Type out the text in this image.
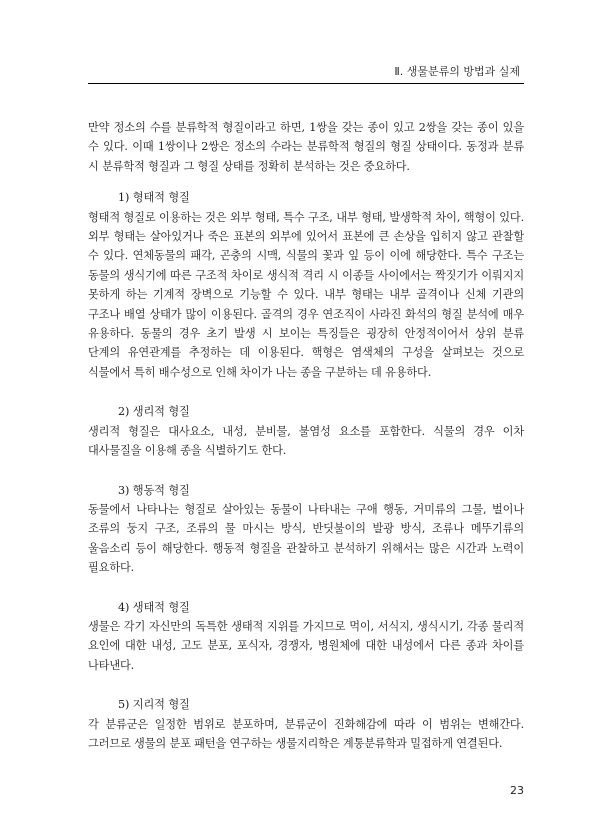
Ⅱ. 생물분류의 방법과 실제

만약 정소의 수를 분류학적 형질이라고 하면, 1쌍을 갖는 종이 있고 2쌍을 갖는 종이 있을 수 있다. 이때 1쌍이나 2쌍은 정소의 수라는 분류학적 형질의 형질 상태이다. 동정과 분류 시 분류학적 형질과 그 형질 상태를 정확히 분석하는 것은 중요하다.

1) 형태적 형질

형태적 형질로 이용하는 것은 외부 형태, 특수 구조, 내부 형태, 발생학적 차이, 핵형이 있다. 외부 형태는 살아있거나 죽은 표본의 외부에 있어서 표본에 큰 손상을 입히지 않고 관찰할 수 있다. 연체동물의 패각, 곤충의 시맥, 식물의 꽃과 잎 등이 이에 해당한다. 특수 구조는 동물의 생식기에 따른 구조적 차이로 생식적 격리 시 이종들 사이에서는 짝짓기가 이뤄지지 못하게 하는 기계적 장벽으로 기능할 수 있다. 내부 형태는 내부 골격이나 신체 기관의 구조나 배열 상태가 많이 이용된다. 골격의 경우 연조직이 사라진 화석의 형질 분석에 매우 유용하다. 동물의 경우 초기 발생 시 보이는 특징들은 굉장히 안정적이어서 상위 분류 단계의 유연관계를 추정하는 데 이용된다. 핵형은 염색체의 구성을 살펴보는 것으로 식물에서 특히 배수성으로 인해 차이가 나는 종을 구분하는 데 유용하다.

2) 생리적 형질

생리적 형질은 대사요소, 내성, 분비물, 불염성 요소를 포함한다. 식물의 경우 이차 대사물질을 이용해 종을 식별하기도 한다.

3) 행동적 형질

동물에서 나타나는 형질로 살아있는 동물이 나타내는 구애 행동, 거미류의 그물, 벌이나 조류의 둥지 구조, 조류의 물 마시는 방식, 반딧불이의 발광 방식, 조류나 메뚜기류의 울음소리 등이 해당한다. 행동적 형질을 관찰하고 분석하기 위해서는 많은 시간과 노력이 필요하다.

4) 생태적 형질

생물은 각기 자신만의 독특한 생태적 지위를 가지므로 먹이, 서식지, 생식시기, 각종 물리적 요인에 대한 내성, 고도 분포, 포식자, 경쟁자, 병원체에 대한 내성에서 다른 종과 차이를 나타낸다.

5) 지리적 형질

각 분류군은 일정한 범위로 분포하며, 분류군이 진화해감에 따라 이 범위는 변해간다. 그러므로 생물의 분포 패턴을 연구하는 생물지리학은 계통분류학과 밀접하게 연결된다.

23
